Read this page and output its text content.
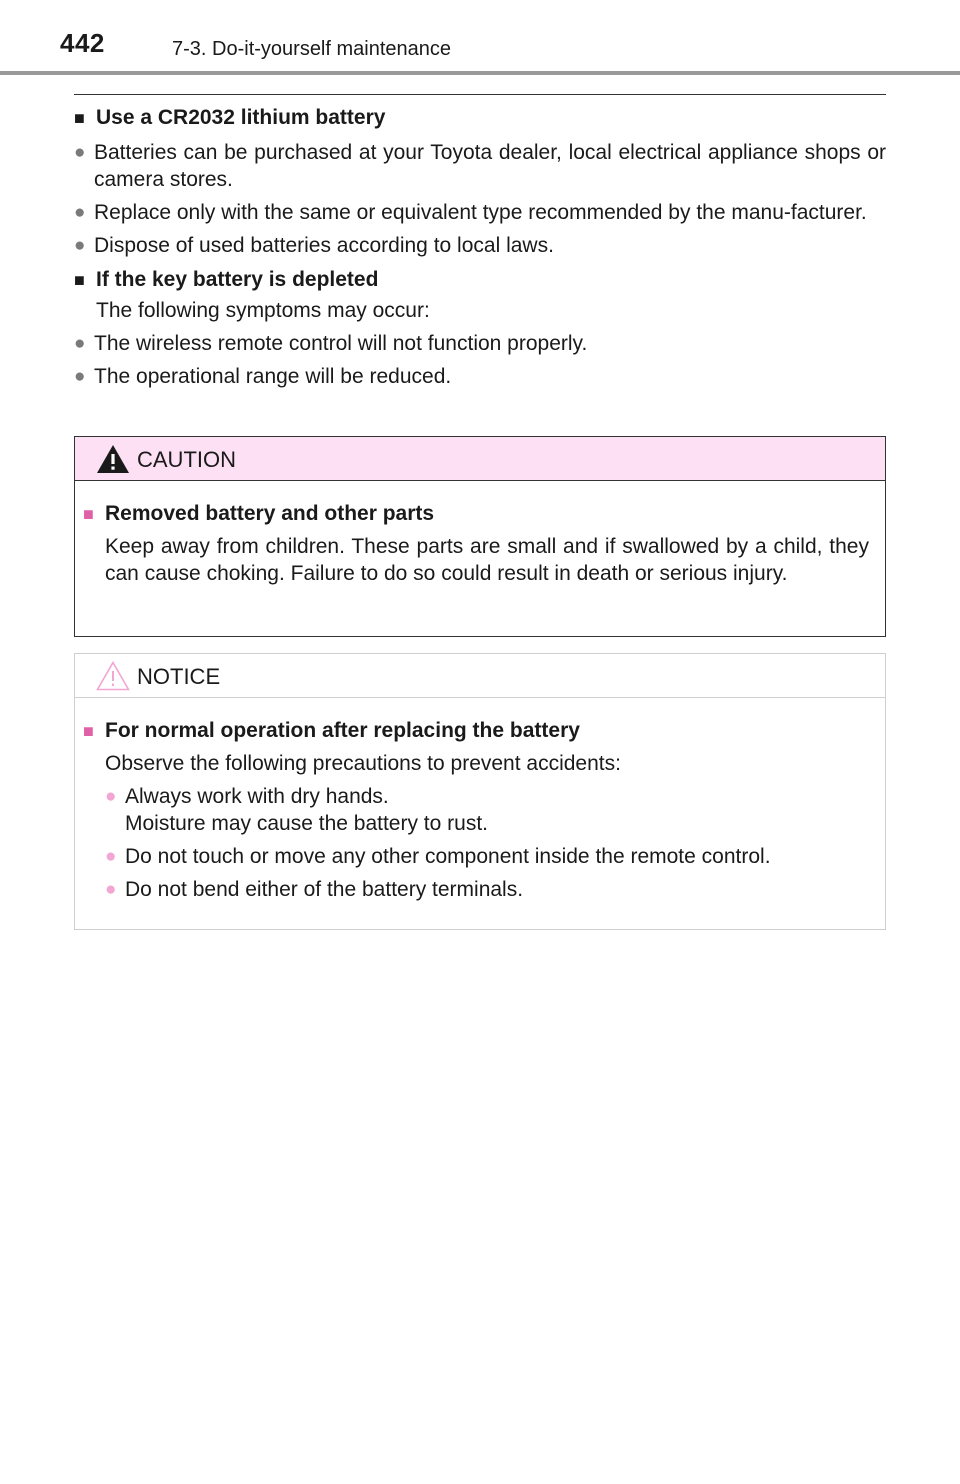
442	7-3. Do-it-yourself maintenance
■ Use a CR2032 lithium battery
● Batteries can be purchased at your Toyota dealer, local electrical appliance shops or camera stores.
● Replace only with the same or equivalent type recommended by the manu-facturer.
● Dispose of used batteries according to local laws.
■ If the key battery is depleted
The following symptoms may occur:
● The wireless remote control will not function properly.
● The operational range will be reduced.
CAUTION
■ Removed battery and other parts
Keep away from children. These parts are small and if swallowed by a child, they can cause choking. Failure to do so could result in death or serious injury.
NOTICE
■ For normal operation after replacing the battery
Observe the following precautions to prevent accidents:
● Always work with dry hands.
Moisture may cause the battery to rust.
● Do not touch or move any other component inside the remote control.
● Do not bend either of the battery terminals.
